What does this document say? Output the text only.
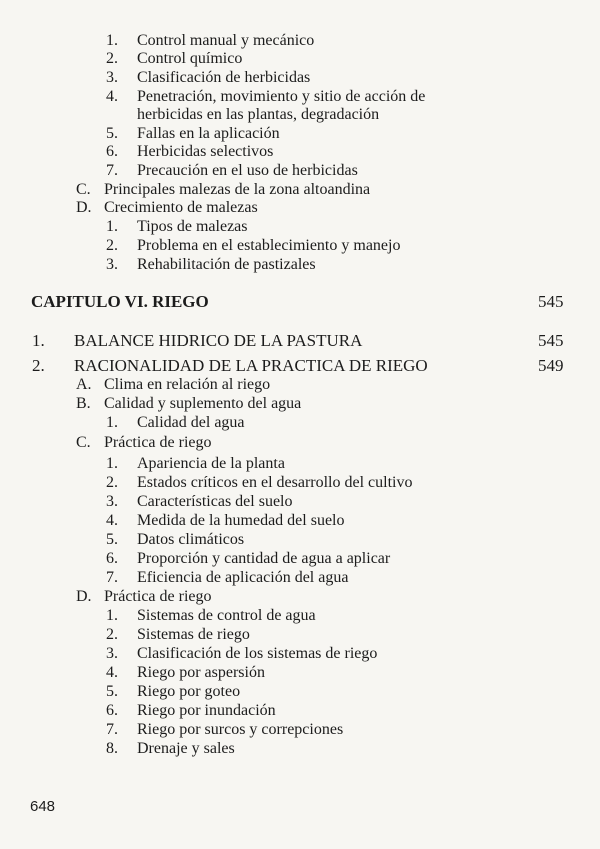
1. Control manual y mecánico
2. Control químico
3. Clasificación de herbicidas
4. Penetración, movimiento y sitio de acción de
herbicidas en las plantas, degradación
5. Fallas en la aplicación
6. Herbicidas selectivos
7. Precaución en el uso de herbicidas
C. Principales malezas de la zona altoandina
D. Crecimiento de malezas
1. Tipos de malezas
2. Problema en el establecimiento y manejo
3. Rehabilitación de pastizales
CAPITULO VI. RIEGO	545
1. BALANCE HIDRICO DE LA PASTURA	545
2. RACIONALIDAD DE LA PRACTICA DE RIEGO	549
A. Clima en relación al riego
B. Calidad y suplemento del agua
1. Calidad del agua
C. Práctica de riego
1. Apariencia de la planta
2. Estados críticos en el desarrollo del cultivo
3. Características del suelo
4. Medida de la humedad del suelo
5. Datos climáticos
6. Proporción y cantidad de agua a aplicar
7. Eficiencia de aplicación del agua
D. Práctica de riego
1. Sistemas de control de agua
2. Sistemas de riego
3. Clasificación de los sistemas de riego
4. Riego por aspersión
5. Riego por goteo
6. Riego por inundación
7. Riego por surcos y correpciones
8. Drenaje y sales
648
